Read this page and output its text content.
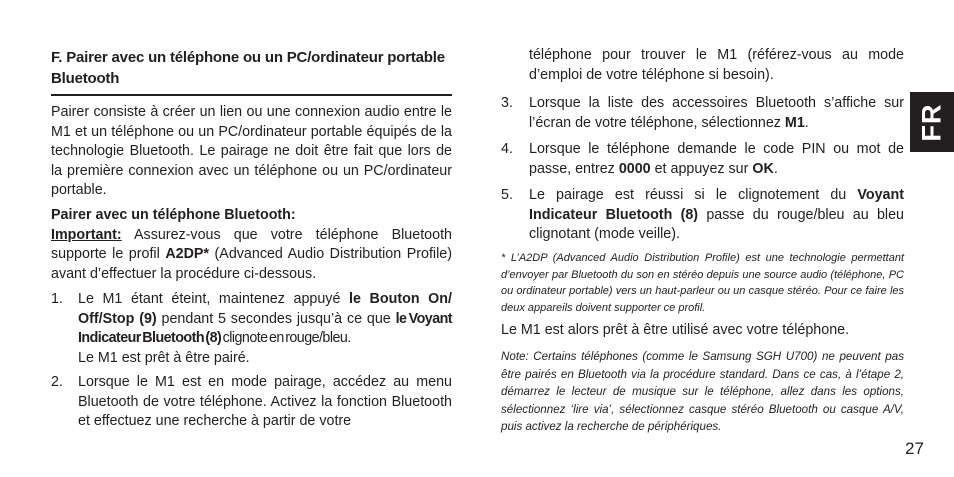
F. Pairer avec un téléphone ou un PC/ordinateur portable Bluetooth

Pairer consiste à créer un lien ou une connexion audio entre le M1 et un téléphone ou un PC/ordinateur portable équipés de la technologie Bluetooth. Le pairage ne doit être fait que lors de la première connexion avec un téléphone ou un PC/ordinateur portable.

Pairer avec un téléphone Bluetooth:
Important: Assurez-vous que votre téléphone Bluetooth supporte le profil A2DP* (Advanced Audio Distribution Profile) avant d’effectuer la procédure ci-dessous.

1.	Le M1 étant éteint, maintenez appuyé le Bouton On/ Off/Stop (9) pendant 5 secondes jusqu’à ce que le Voyant Indicateur Bluetooth (8) clignote en rouge/bleu.
Le M1 est prêt à être pairé.
2.	Lorsque le M1 est en mode pairage, accédez au menu Bluetooth de votre téléphone. Activez la fonction Bluetooth et effectuez une recherche à partir de votre

téléphone pour trouver le M1 (référez-vous au mode d’emploi de votre téléphone si besoin).

3.	Lorsque la liste des accessoires Bluetooth s’affiche sur l’écran de votre téléphone, sélectionnez M1.
4.	Lorsque le téléphone demande le code PIN ou mot de passe, entrez 0000 et appuyez sur OK.
5.	Le pairage est réussi si le clignotement du Voyant Indicateur Bluetooth (8) passe du rouge/bleu au bleu clignotant (mode veille).

* L’A2DP (Advanced Audio Distribution Profile) est une technologie permettant d’envoyer par Bluetooth du son en stéréo depuis une source audio (téléphone, PC ou ordinateur portable) vers un haut-parleur ou un casque stéréo. Pour ce faire les deux appareils doivent supporter ce profil.

Le M1 est alors prêt à être utilisé avec votre téléphone.

Note: Certains téléphones (comme le Samsung SGH U700) ne peuvent pas être pairés en Bluetooth via la procédure standard. Dans ce cas, à l’étape 2, démarrez le lecteur de musique sur le téléphone, allez dans les options, sélectionnez ‘lire via’, sélectionnez casque stéréo Bluetooth ou casque A/V, puis activez la recherche de périphériques.

FR
27
